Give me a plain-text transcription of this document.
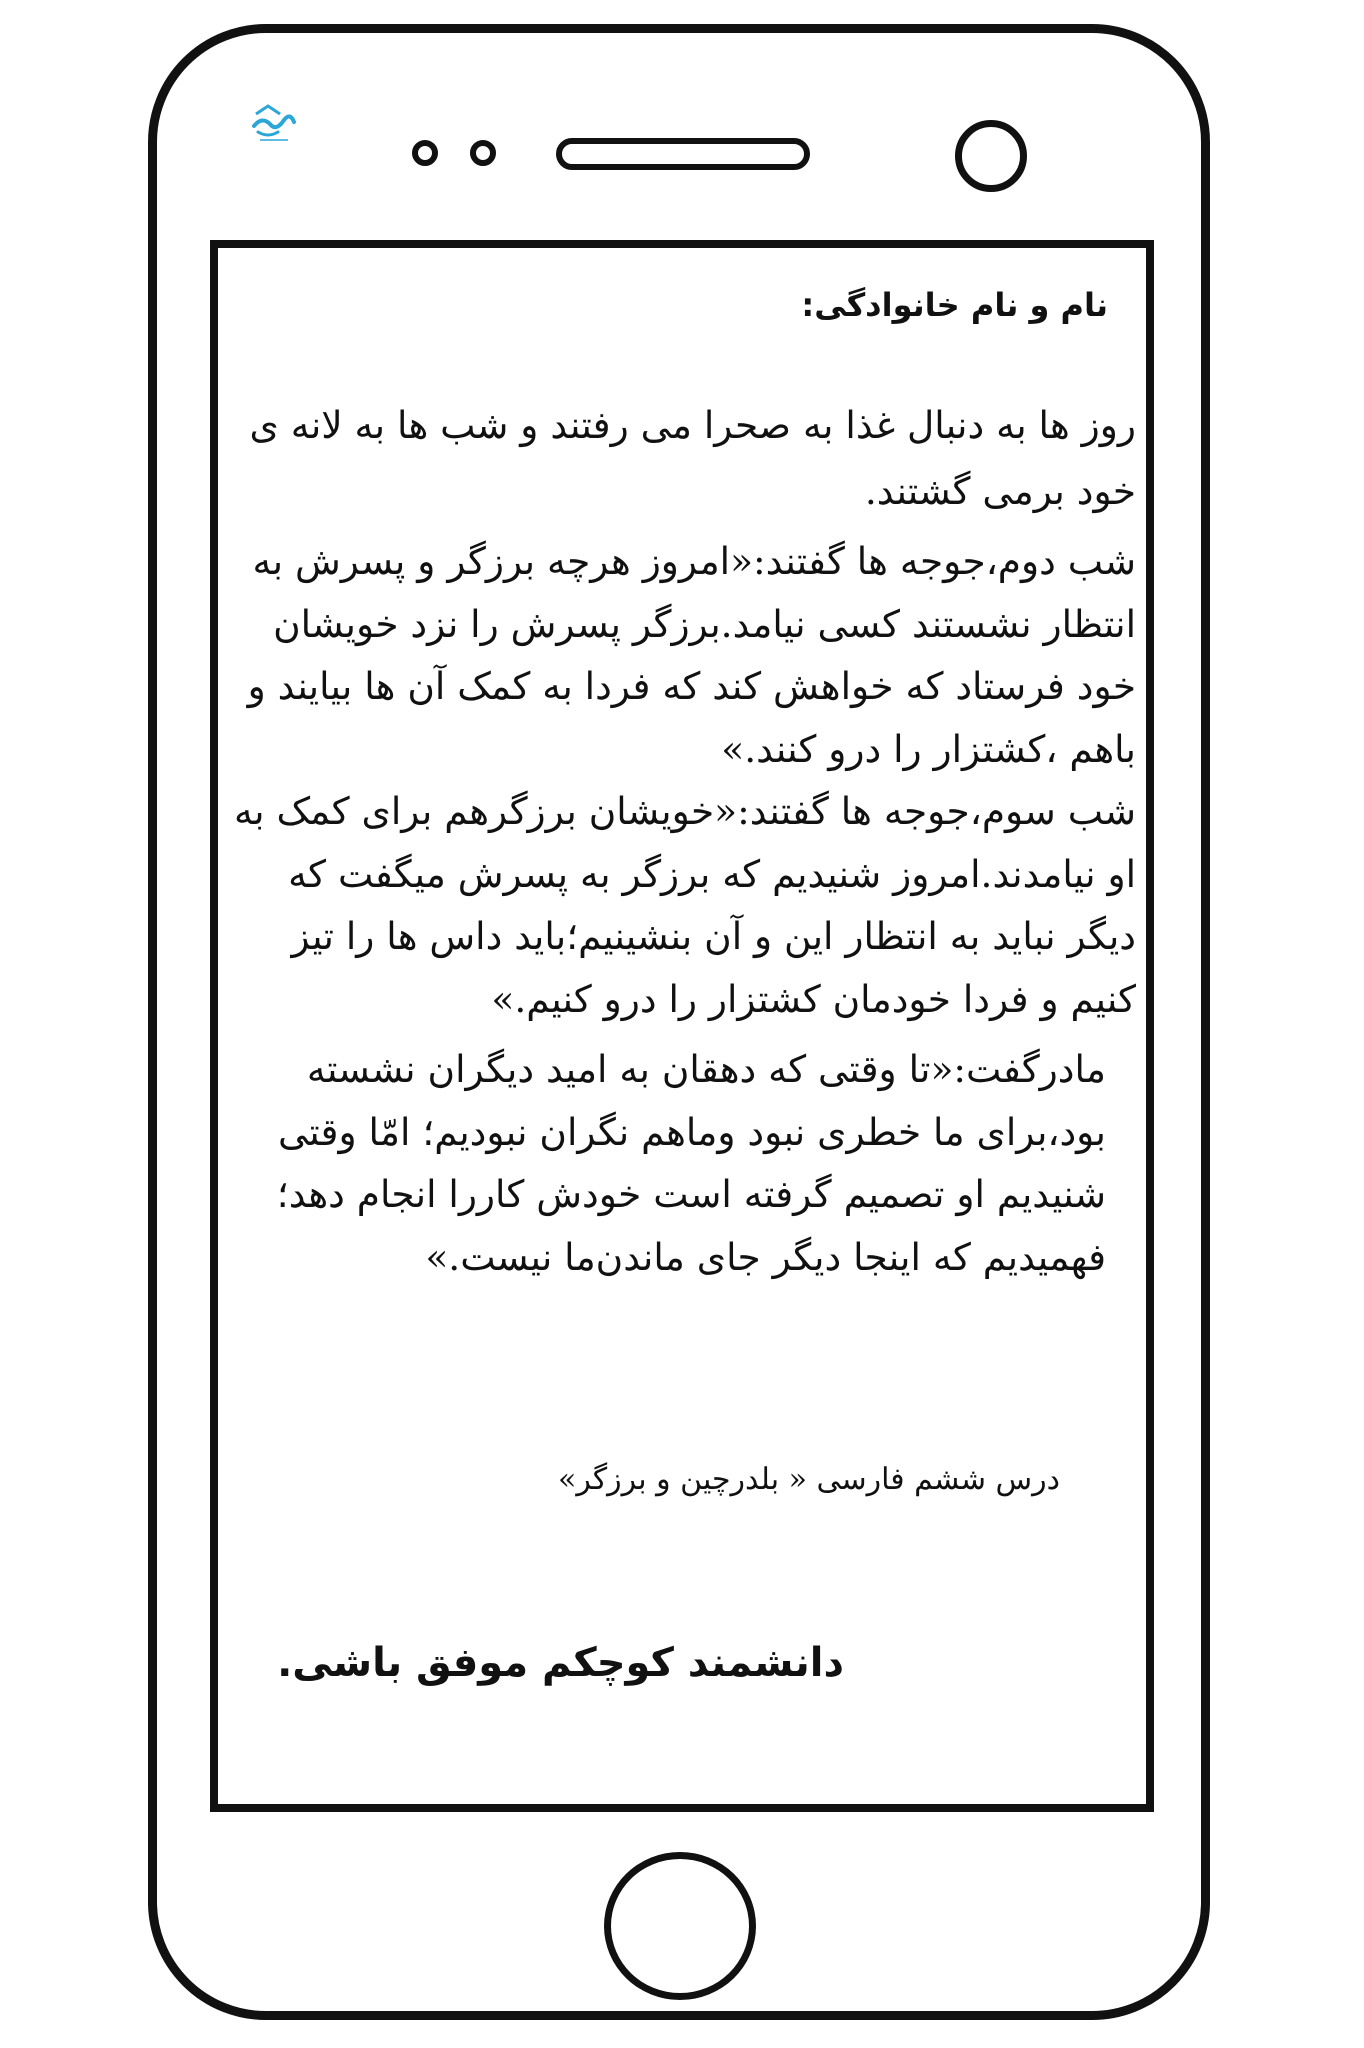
نام و نام خانوادگی:

روز ها به دنبال غذا به صحرا می رفتند و شب ها به لانه ی خود برمی گشتند.

شب دوم،جوجه ها گفتند:«امروز هرچه برزگر و پسرش به انتظار نشستند کسی نیامد.برزگر پسرش را نزد خویشان خود فرستاد که خواهش کند که فردا به کمک آن ها بیایند و باهم ،کشتزار را درو کنند.»

شب سوم،جوجه ها گفتند:«خویشان برزگرهم برای کمک به او نیامدند.امروز شنیدیم که برزگر به پسرش میگفت که دیگر نباید به انتظار این و آن بنشینیم؛باید داس ها را تیز کنیم و فردا خودمان کشتزار را درو کنیم.»

مادرگفت:«تا وقتی که دهقان به امید دیگران نشسته بود،برای ما خطری نبود وماهم نگران نبودیم؛ امّا وقتی شنیدیم او تصمیم گرفته است خودش کاررا انجام دهد؛فهمیدیم که اینجا دیگر جای ماندن‌ما نیست.»

درس ششم فارسی « بلدرچین و برزگر»
دانشمند کوچکم موفق باشی.
